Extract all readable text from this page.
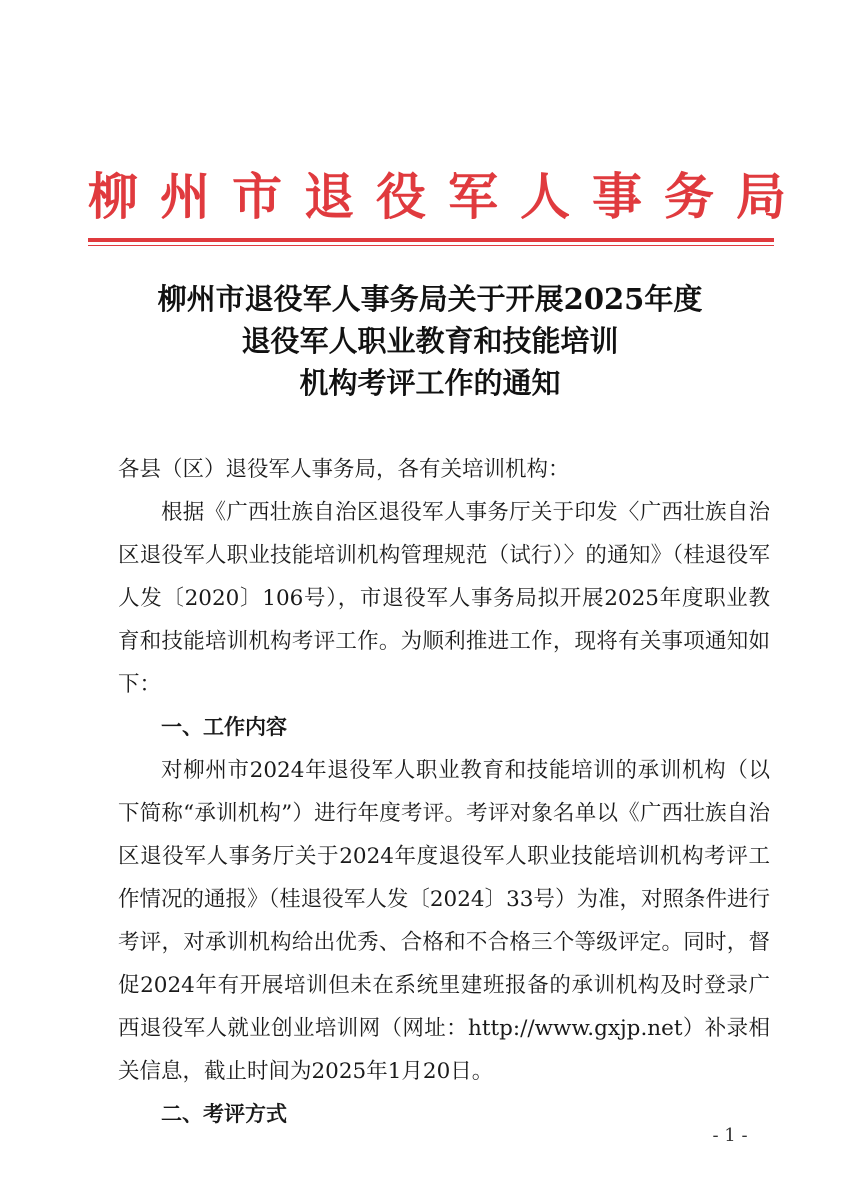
柳州市退役军人事务局
柳州市退役军人事务局关于开展2025年度
退役军人职业教育和技能培训
机构考评工作的通知

各县（区）退役军人事务局，各有关培训机构：

根据《广西壮族自治区退役军人事务厅关于印发〈广西壮族自治区退役军人职业技能培训机构管理规范（试行）〉的通知》（桂退役军人发〔2020〕106号），市退役军人事务局拟开展2025年度职业教育和技能培训机构考评工作。为顺利推进工作，现将有关事项通知如下：

一、工作内容

对柳州市2024年退役军人职业教育和技能培训的承训机构（以下简称“承训机构”）进行年度考评。考评对象名单以《广西壮族自治区退役军人事务厅关于2024年度退役军人职业技能培训机构考评工作情况的通报》（桂退役军人发〔2024〕33号）为准，对照条件进行考评，对承训机构给出优秀、合格和不合格三个等级评定。同时，督促2024年有开展培训但未在系统里建班报备的承训机构及时登录广西退役军人就业创业培训网（网址：http://www.gxjp.net）补录相关信息，截止时间为2025年1月20日。

二、考评方式

- 1 -
